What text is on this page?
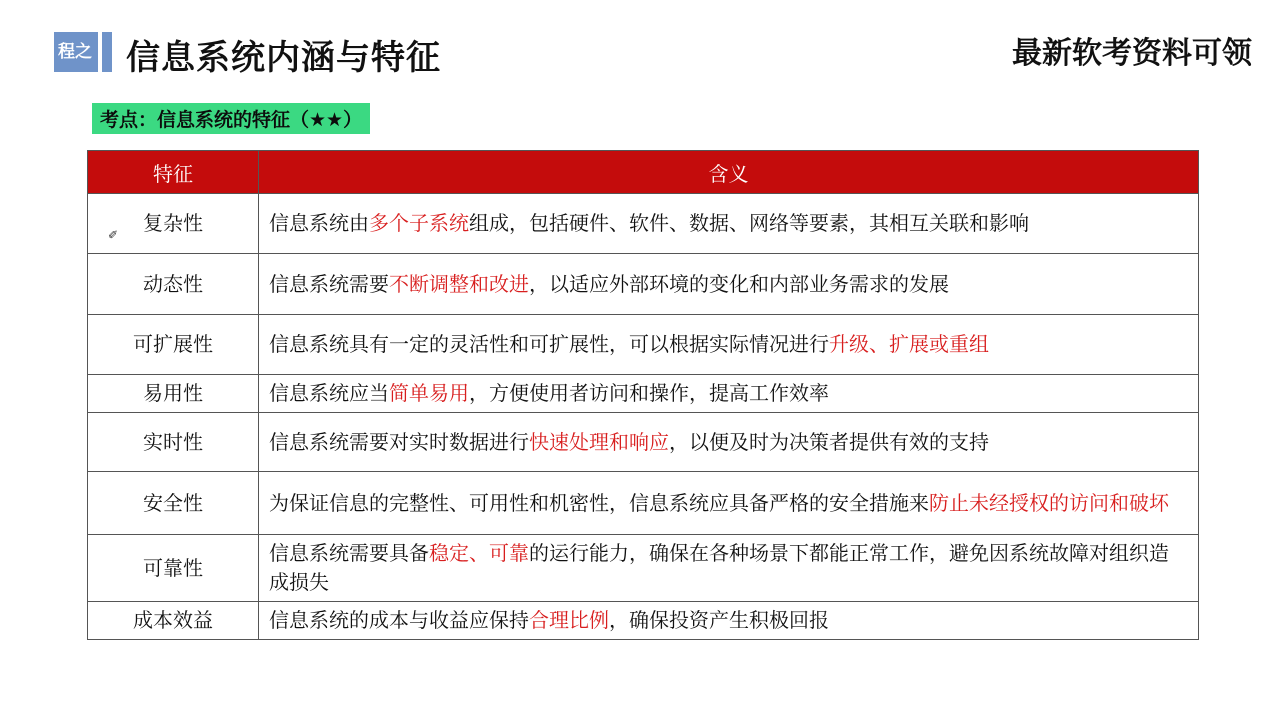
程之 信息系统内涵与特征	最新软考资料可领
考点：信息系统的特征（★★）
✐
特征	含义
复杂性	信息系统由多个子系统组成，包括硬件、软件、数据、网络等要素，其相互关联和影响
动态性	信息系统需要不断调整和改进，以适应外部环境的变化和内部业务需求的发展
可扩展性	信息系统具有一定的灵活性和可扩展性，可以根据实际情况进行升级、扩展或重组
易用性	信息系统应当简单易用，方便使用者访问和操作，提高工作效率
实时性	信息系统需要对实时数据进行快速处理和响应，以便及时为决策者提供有效的支持
安全性	为保证信息的完整性、可用性和机密性，信息系统应具备严格的安全措施来防止未经授权的访问和破坏
可靠性	信息系统需要具备稳定、可靠的运行能力，确保在各种场景下都能正常工作，避免因系统故障对组织造成损失
成本效益	信息系统的成本与收益应保持合理比例，确保投资产生积极回报
